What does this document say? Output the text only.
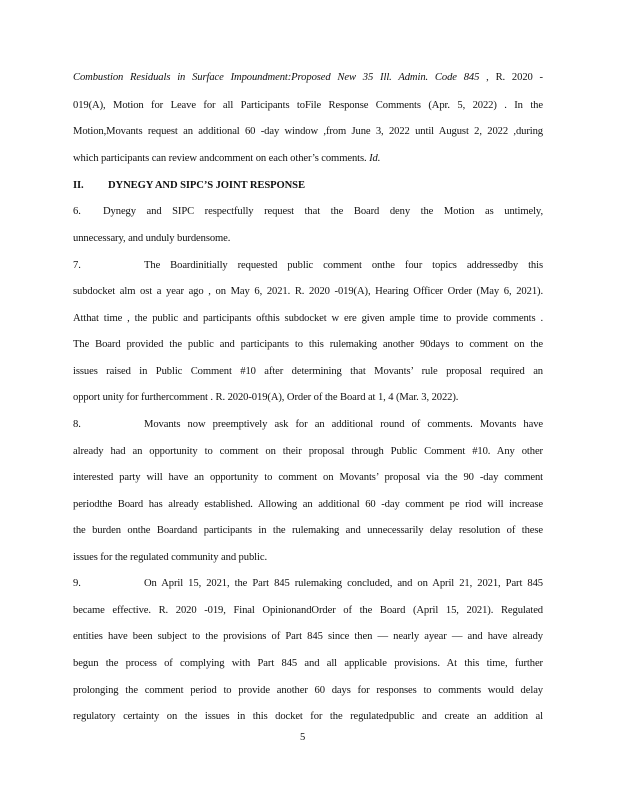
Combustion Residuals in Surface Impoundment:Proposed New 35 Ill. Admin. Code 845 , R. 2020 -
019(A), Motion for Leave for all Participants toFile Response Comments (Apr. 5, 2022) . In the
Motion,Movants request an additional 60 -day window ,from June 3, 2022 until August 2, 2022 ,during
which participants can review andcomment on each other’s comments. Id.
II. DYNEGY AND SIPC’S JOINT RESPONSE
6. Dynegy and SIPC respectfully request that the Board deny the Motion as untimely,
unnecessary, and unduly burdensome.
7.	The Boardinitially requested public comment onthe four topics addressedby this
subdocket alm ost a year ago , on May 6, 2021. R. 2020 -019(A), Hearing Officer Order (May 6, 2021).
Atthat time , the public and participants ofthis subdocket w ere given ample time to provide comments .
The Board provided the public and participants to this rulemaking another 90days to comment on the
issues raised in Public Comment #10 after determining that Movants’ rule proposal required an
opport unity for furthercomment . R. 2020-019(A), Order of the Board at 1, 4 (Mar. 3, 2022).
8.	Movants now preemptively ask for an additional round of comments. Movants have
already had an opportunity to comment on their proposal through Public Comment #10. Any other
interested party will have an opportunity to comment on Movants’ proposal via the 90 -day comment
periodthe Board has already established. Allowing an additional 60 -day comment pe riod will increase
the burden onthe Boardand participants in the rulemaking and unnecessarily delay resolution of these
issues for the regulated community and public.
9.	On April 15, 2021, the Part 845 rulemaking concluded, and on April 21, 2021, Part 845
became effective. R. 2020 -019, Final OpinionandOrder of the Board (April 15, 2021). Regulated
entities have been subject to the provisions of Part 845 since then — nearly ayear — and have already
begun the process of complying with Part 845 and all applicable provisions. At this time, further
prolonging the comment period to provide another 60 days for responses to comments would delay
regulatory certainty on the issues in this docket for the regulatedpublic and create an addition al
5
